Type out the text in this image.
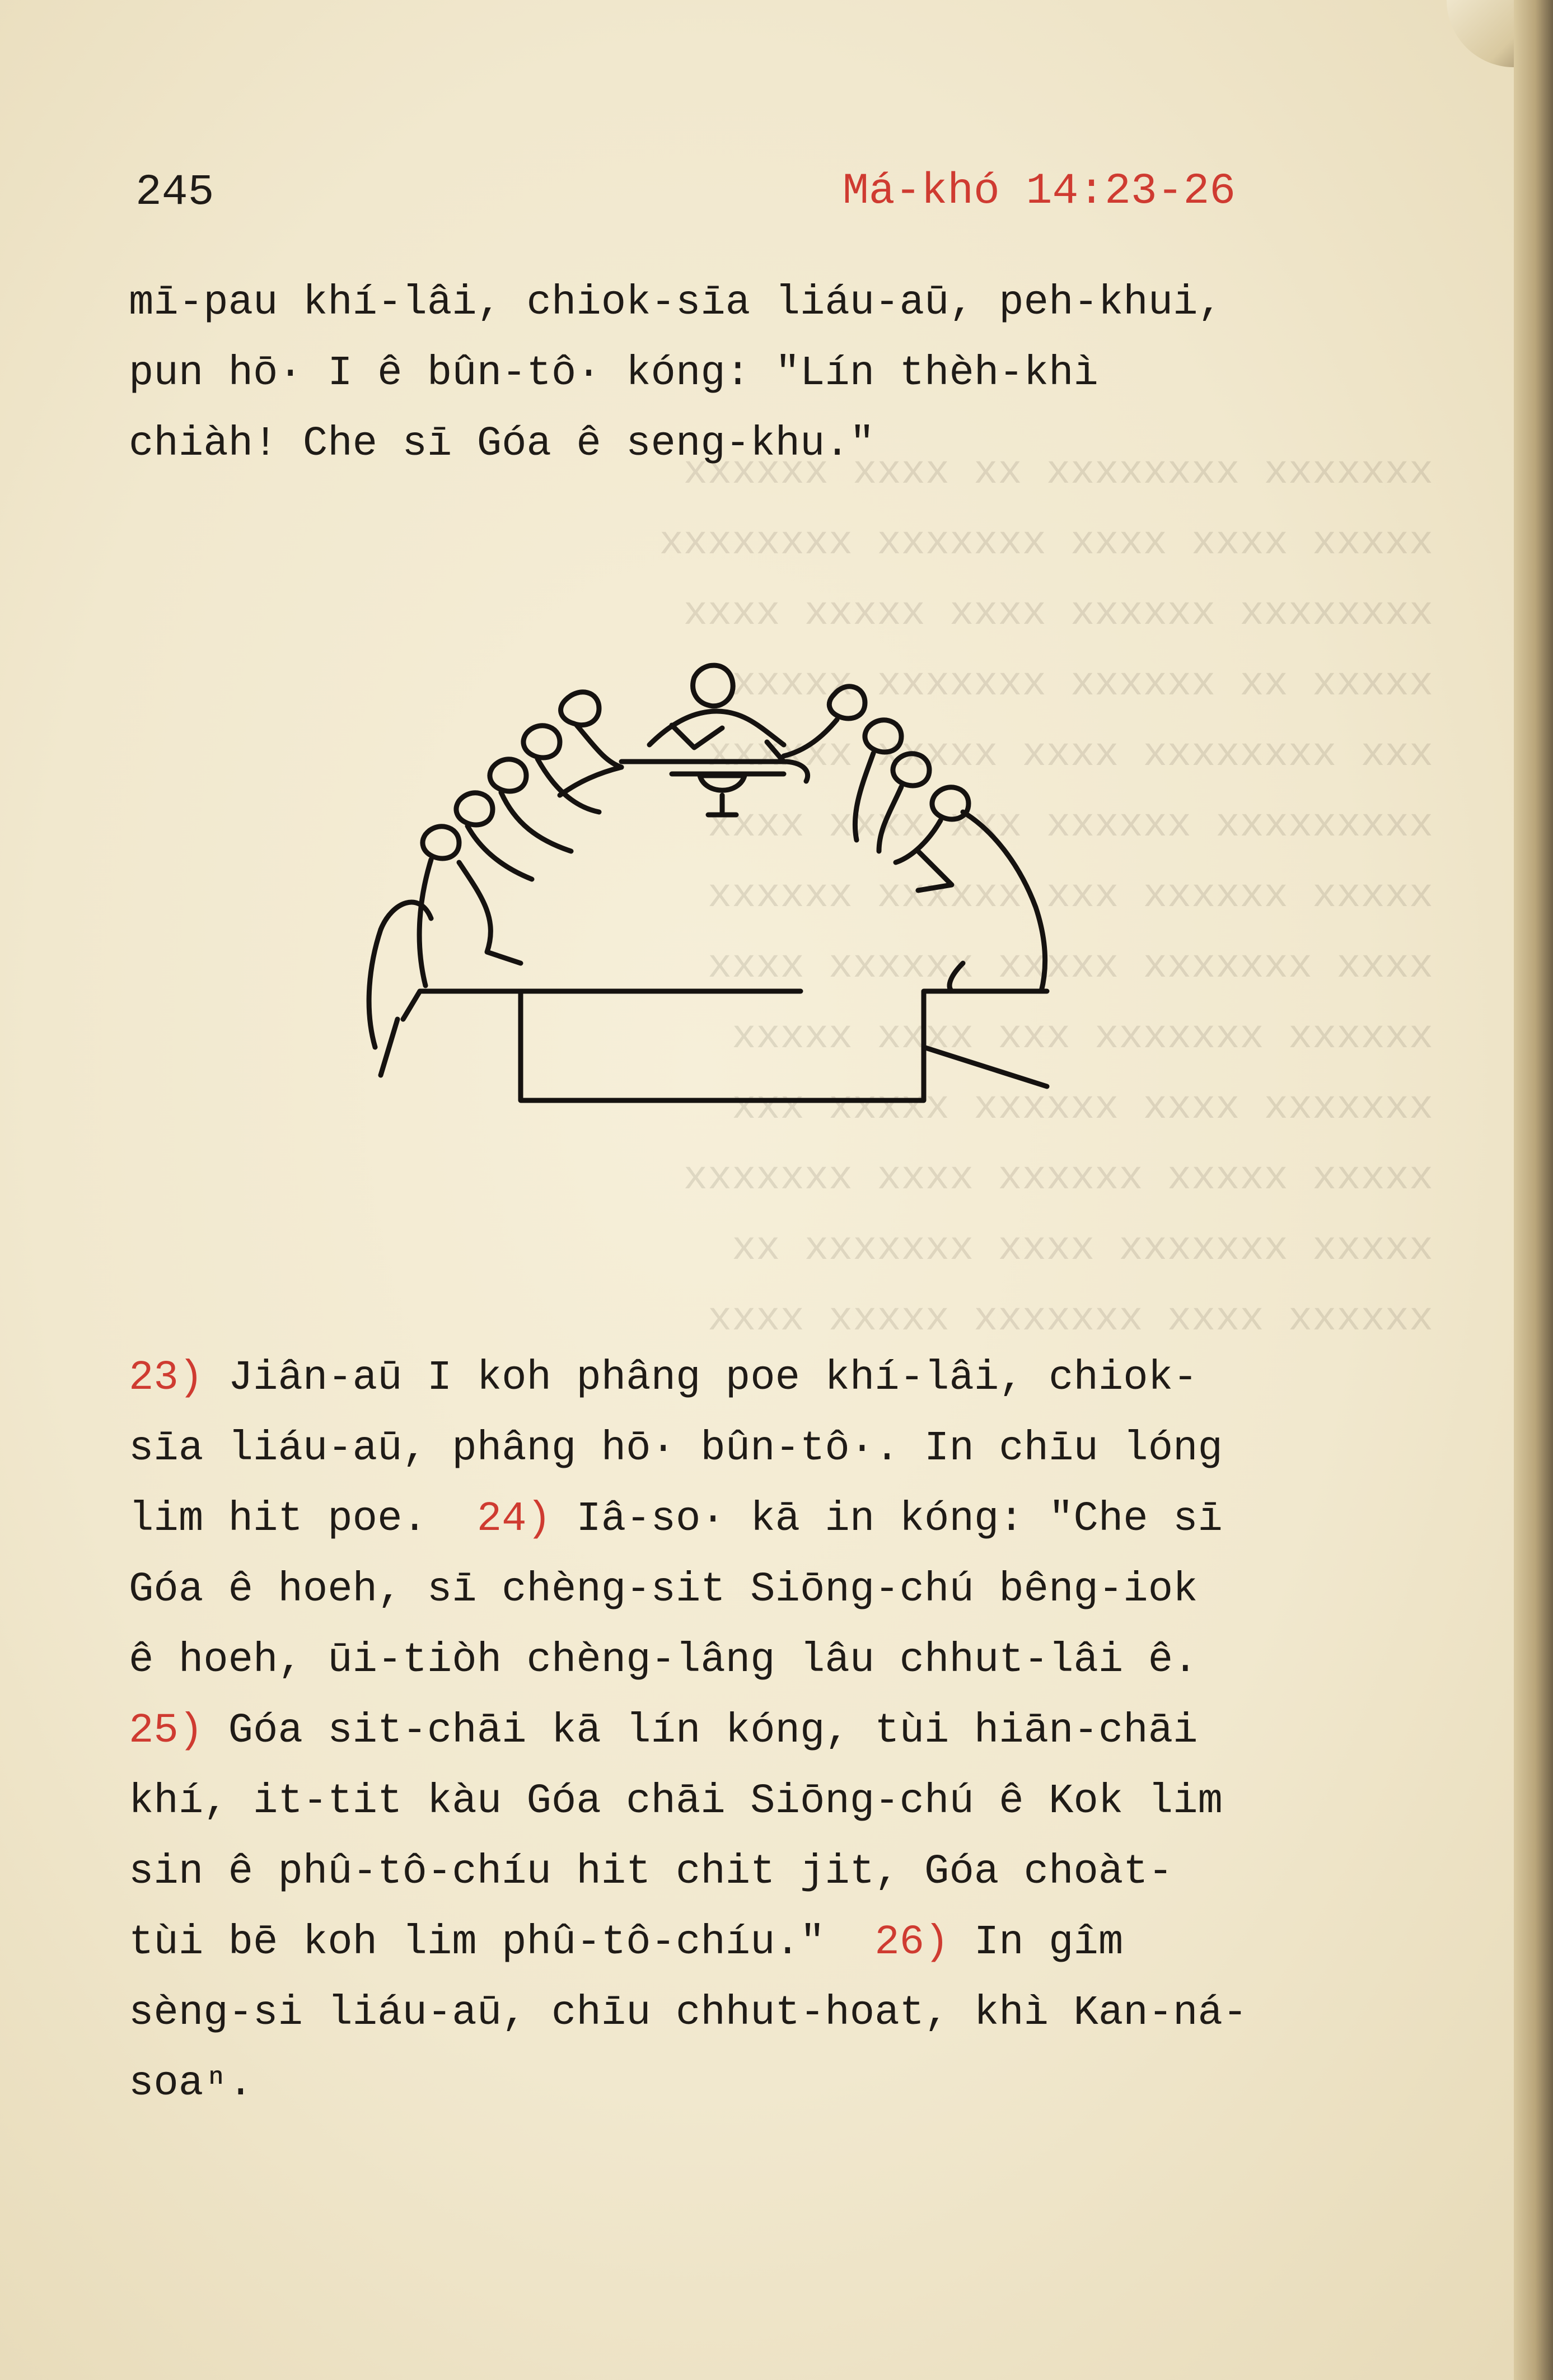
xxxxxxx xxxxxxxx xx xxxx xxxxxx
xxxxx xxxx xxxx xxxxxxx xxxxxxxx
xxxxxxxx xxxxxx xxxx xxxxx xxxx
xxxxx xx xxxxxx xxxxxxx xxxxx
xxx xxxxxxxx xxxx xxxxx xxxxxx
xxxxxxxxx xxxxxx xxx xxxx xxxx
xxxxx xxxxxx xxx xxxxxx xxxxxx
xxxx xxxxxxx xxxxx xxxxxx xxxx
xxxxxx xxxxxxx xxx xxxx xxxxx
xxxxxxx xxxx xxxxxx xxxxx xxx
xxxxx xxxxx xxxxxx xxxx xxxxxxx
xxxxx xxxxxxx xxxx xxxxxxx xx
xxxxxx xxxx xxxxxxx xxxxx xxxx
245	Má-khó 14:23-26
mī-pau khí-lâi, chiok-sīa liáu-aū, peh-khui,
pun hō· I ê bûn-tô· kóng: "Lín thèh-khì
chiàh! Che sī Góa ê seng-khu."
23) Jiân-aū I koh phâng poe khí-lâi, chiok-
sīa liáu-aū, phâng hō· bûn-tô·. In chīu lóng
lim hit poe.  24) Iâ-so· kā in kóng: "Che sī
Góa ê hoeh, sī chèng-sit Siōng-chú bêng-iok
ê hoeh, ūi-tiòh chèng-lâng lâu chhut-lâi ê.
25) Góa sit-chāi kā lín kóng, tùi hiān-chāi
khí, it-tit kàu Góa chāi Siōng-chú ê Kok lim
sin ê phû-tô-chíu hit chit jit, Góa choàt-
tùi bē koh lim phû-tô-chíu."  26) In gîm
sèng-si liáu-aū, chīu chhut-hoat, khì Kan-ná-
soaⁿ.
